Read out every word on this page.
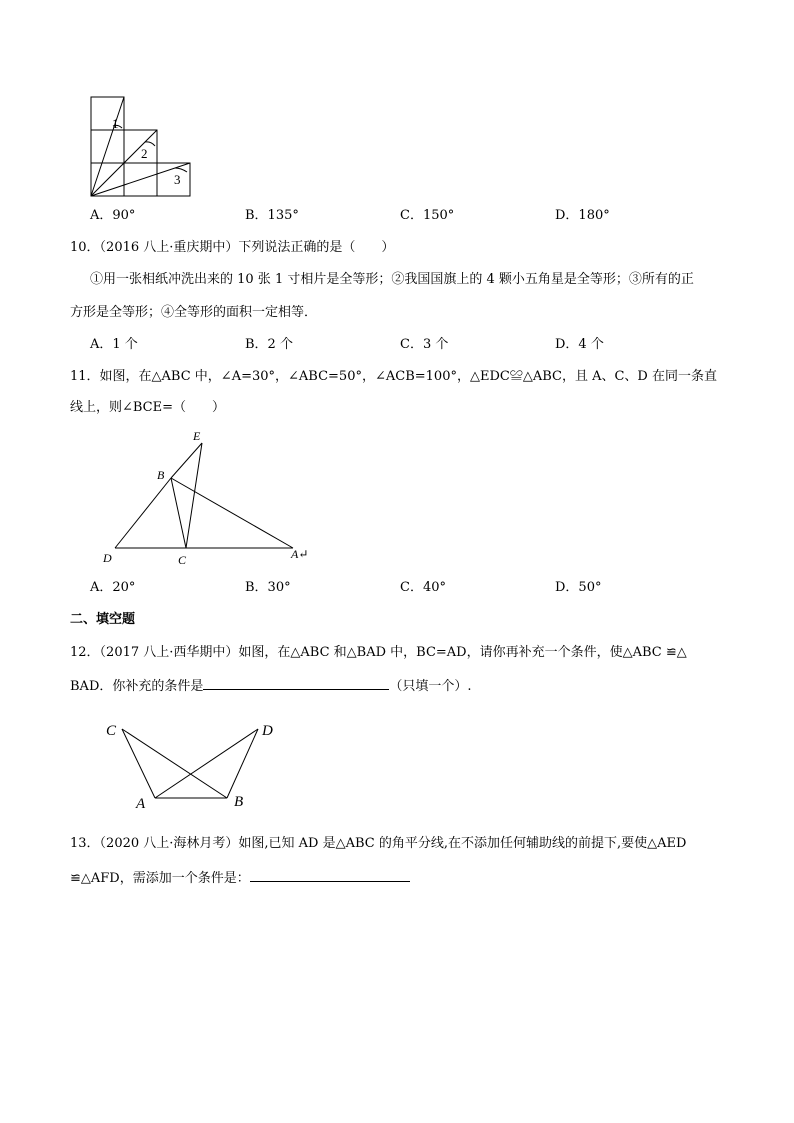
1
2
3
A．90°	B．135°	C．150°	D．180°
10．（2016 八上·重庆期中）下列说法正确的是（　　）
①用一张相纸冲洗出来的 10 张 1 寸相片是全等形；②我国国旗上的 4 颗小五角星是全等形；③所有的正
方形是全等形；④全等形的面积一定相等．
A．1 个	B．2 个	C．3 个	D．4 个
11．如图，在△ABC 中，∠A=30°，∠ABC=50°，∠ACB=100°，△EDC≌△ABC，且 A、C、D 在同一条直
线上，则∠BCE=（　　）
E
B
D	C	A↵
A．20°	B．30°	C．40°	D．50°
二、填空题
12．（2017 八上·西华期中）如图，在△ABC 和△BAD 中，BC=AD，请你再补充一个条件，使△ABC ≌△
BAD．你补充的条件是	（只填一个）.
C	D
A	B
13．（2020 八上·海林月考）如图,已知 AD 是△ABC 的角平分线,在不添加任何辅助线的前提下,要使△AED
≌△AFD，需添加一个条件是：
